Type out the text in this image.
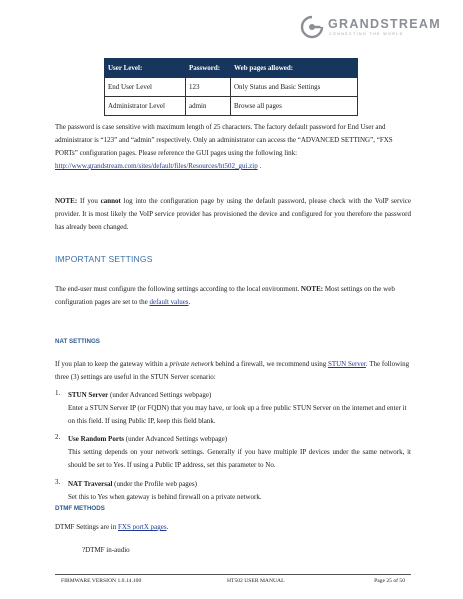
GRANDSTREAM
CONNECTING THE WORLD
User Level:	Password:	Web pages allowed:
End User Level	123	Only Status and Basic Settings
Administrator Level	admin	Browse all pages
The password is case sensitive with maximum length of 25 characters. The factory default password for End User and administrator is “123” and “admin” respectively. Only an administrator can access the “ADVANCED SETTING”, “FXS PORTs” configuration pages. Please reference the GUI pages using the following link: http://www.grandstream.com/sites/default/files/Resources/ht502_gui.zip .
NOTE: If you cannot log into the configuration page by using the default password, please check with the VoIP service provider. It is most likely the VoIP service provider has provisioned the device and configured for you therefore the password has already been changed.
IMPORTANT SETTINGS
The end-user must configure the following settings according to the local environment. NOTE: Most settings on the web configuration pages are set to the default values.
NAT SETTINGS
If you plan to keep the gateway within a private network behind a firewall, we recommend using STUN Server. The following three (3) settings are useful in the STUN Server scenario:
1. STUN Server (under Advanced Settings webpage)
Enter a STUN Server IP (or FQDN) that you may have, or look up a free public STUN Server on the internet and enter it on this field. If using Public IP, keep this field blank.
2. Use Random Ports (under Advanced Settings webpage)
This setting depends on your network settings. Generally if you have multiple IP devices under the same network, it should be set to Yes. If using a Public IP address, set this parameter to No.
3. NAT Traversal (under the Profile web pages)
Set this to Yes when gateway is behind firewall on a private network.
DTMF METHODS
DTMF Settings are in FXS portX pages.
?DTMF in-audio
FIRMWARE VERSION 1.0.14.100	HT502 USER MANUAL	Page 25 of 50
